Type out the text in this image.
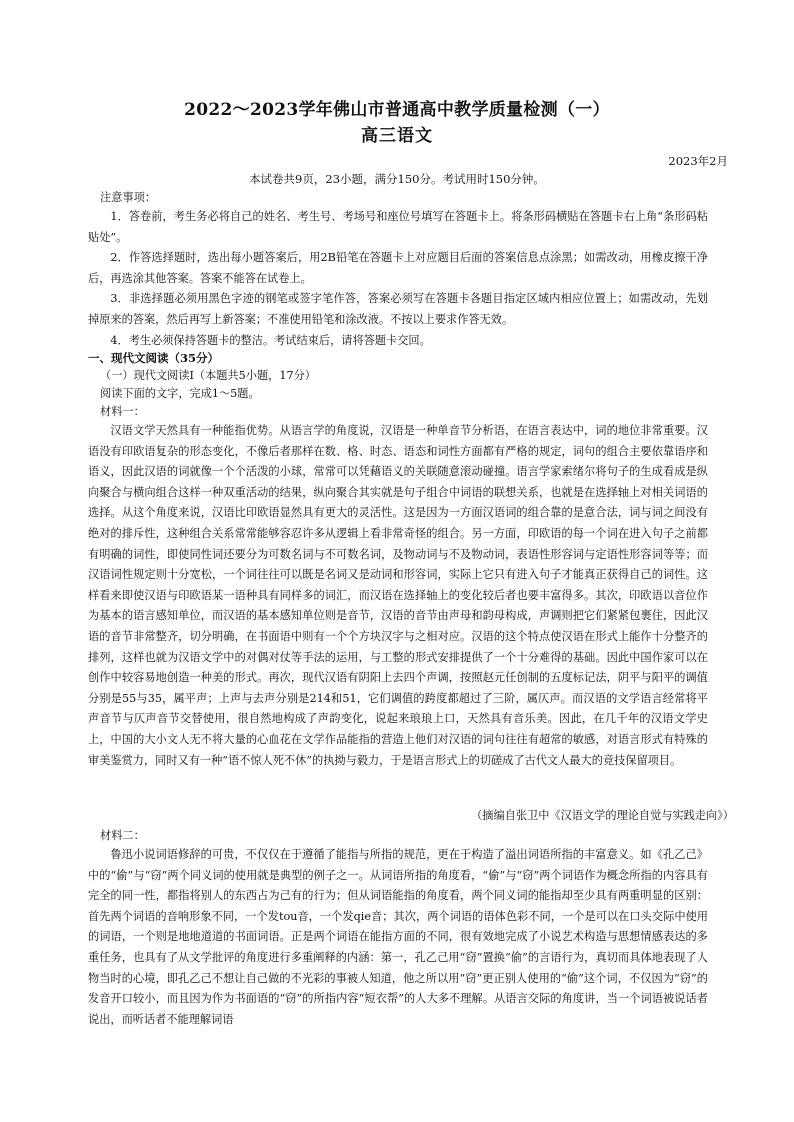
2022～2023学年佛山市普通高中教学质量检测（一）
高三语文
2023年2月
本试卷共9页，23小题，满分150分。考试用时150分钟。
注意事项：

1．答卷前，考生务必将自己的姓名、考生号、考场号和座位号填写在答题卡上。将条形码横贴在答题卡右上角“条形码粘贴处”。

2．作答选择题时，选出每小题答案后，用2B铅笔在答题卡上对应题目后面的答案信息点涂黑；如需改动，用橡皮擦干净后，再选涂其他答案。答案不能答在试卷上。

3．非选择题必须用黑色字迹的钢笔或签字笔作答，答案必须写在答题卡各题目指定区域内相应位置上；如需改动，先划掉原来的答案，然后再写上新答案；不准使用铅笔和涂改液。不按以上要求作答无效。

4．考生必须保持答题卡的整洁。考试结束后，请将答题卡交回。

一、现代文阅读（35分）
（一）现代文阅读Ⅰ（本题共5小题，17分）
阅读下面的文字，完成1～5题。
材料一：

汉语文学天然具有一种能指优势。从语言学的角度说，汉语是一种单音节分析语，在语言表达中，词的地位非常重要。汉语没有印欧语复杂的形态变化，不像后者那样在数、格、时态、语态和词性方面都有严格的规定，词句的组合主要依靠语序和语义，因此汉语的词就像一个个活泼的小球，常常可以凭藉语义的关联随意滚动碰撞。语言学家索绪尔将句子的生成看成是纵向聚合与横向组合这样一种双重活动的结果，纵向聚合其实就是句子组合中词语的联想关系，也就是在选择轴上对相关词语的选择。从这个角度来说，汉语比印欧语显然具有更大的灵活性。这是因为一方面汉语词的组合靠的是意合法，词与词之间没有绝对的排斥性，这种组合关系常常能够容忍许多从逻辑上看非常奇怪的组合。另一方面，印欧语的每一个词在进入句子之前都有明确的词性，即使同性词还要分为可数名词与不可数名词，及物动词与不及物动词，表语性形容词与定语性形容词等等；而汉语词性规定则十分宽松，一个词往往可以既是名词又是动词和形容词，实际上它只有进入句子才能真正获得自己的词性。这样看来即使汉语与印欧语某一语种具有同样多的词汇，而汉语在选择轴上的变化较后者也要丰富得多。其次，印欧语以音位作为基本的语言感知单位，而汉语的基本感知单位则是音节，汉语的音节由声母和韵母构成，声调则把它们紧紧包裹住，因此汉语的音节非常整齐，切分明确，在书面语中则有一个个方块汉字与之相对应。汉语的这个特点使汉语在形式上能作十分整齐的排列，这样也就为汉语文学中的对偶对仗等手法的运用，与工整的形式安排提供了一个十分难得的基础。因此中国作家可以在创作中较容易地创造一种美的形式。再次，现代汉语有阴阳上去四个声调，按照赵元任创制的五度标记法，阴平与阳平的调值分别是55与35，属平声；上声与去声分别是214和51，它们调值的跨度都超过了三阶，属仄声。而汉语的文学语言经常将平声音节与仄声音节交替使用，很自然地构成了声韵变化，说起来琅琅上口，天然具有音乐美。因此，在几千年的汉语文学史上，中国的大小文人无不将大量的心血花在文学作品能指的营造上他们对汉语的词句往往有超常的敏感，对语言形式有特殊的审美鉴赏力，同时又有一种“语不惊人死不休”的执拗与毅力，于是语言形式上的切磋成了古代文人最大的竞技保留项目。

（摘编自张卫中《汉语文学的理论自觉与实践走向》）
材料二：

鲁迅小说词语修辞的可贵，不仅仅在于遵循了能指与所指的规范，更在于构造了溢出词语所指的丰富意义。如《孔乙己》中的“偷”与“窃”两个同义词的使用就是典型的例子之一。从词语所指的角度看，“偷”与“窃”两个词语作为概念所指的内容具有完全的同一性，都指将别人的东西占为己有的行为；但从词语能指的角度看，两个同义词的能指却至少具有两重明显的区别：首先两个词语的音响形象不同，一个发tou音，一个发qie音；其次，两个词语的语体色彩不同，一个是可以在口头交际中使用的词语，一个则是地地道道的书面词语。正是两个词语在能指方面的不同，很有效地完成了小说艺术构造与思想情感表达的多重任务，也具有了从文学批评的角度进行多重阐释的内涵：第一，孔乙己用“窃”置换“偷”的言语行为，真切而具体地表现了人物当时的心境，即孔乙己不想让自己做的不光彩的事被人知道，他之所以用“窃”更正别人使用的“偷”这个词，不仅因为“窃”的发音开口较小，而且因为作为书面语的“窃”的所指内容“短衣帮”的人大多不理解。从语言交际的角度讲，当一个词语被说话者说出，而听话者不能理解词语
